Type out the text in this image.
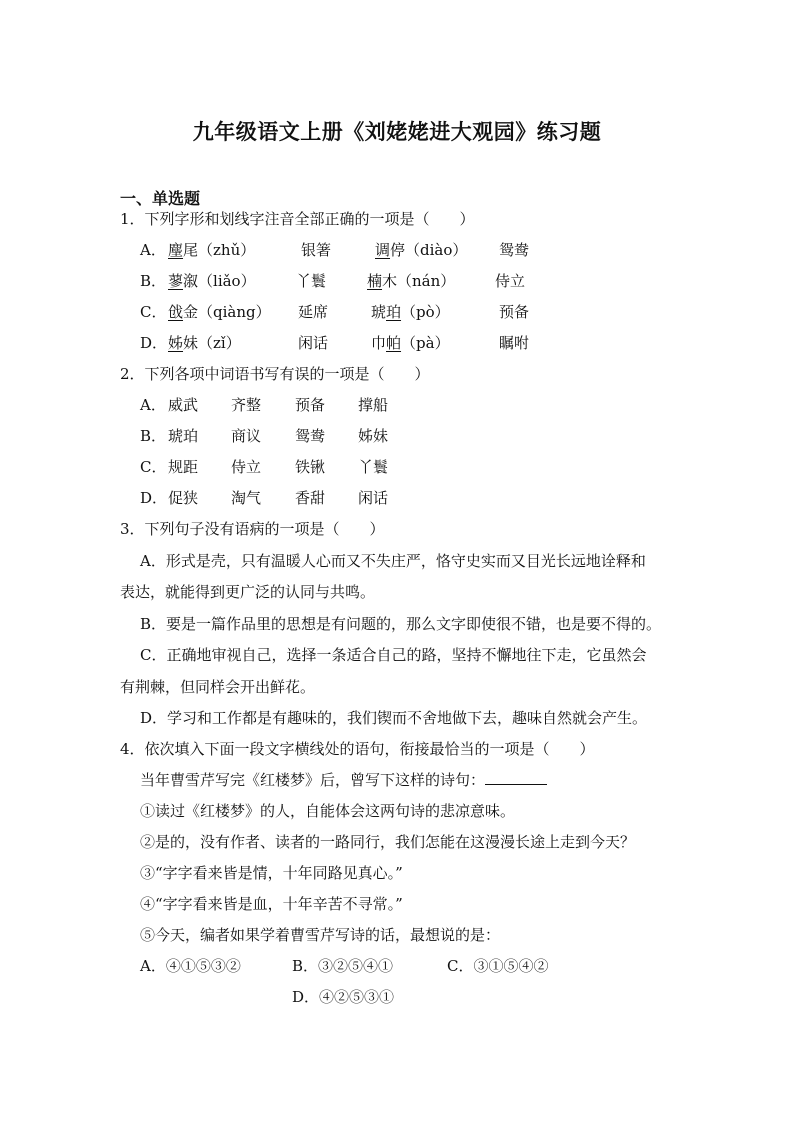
九年级语文上册《刘姥姥进大观园》练习题
一、单选题
1．下列字形和划线字注音全部正确的一项是（　　）
A． 麈尾（zhǔ）	银箸	调停（diào） 鸳鸯
B． 蓼溆（liǎo）	丫鬟	楠木（nán）	侍立
C． 戗金（qiàng） 延席	琥珀（pò）	预备
D． 姊妹（zǐ）	闲话	巾帕（pà）	瞩咐
2．下列各项中词语书写有误的一项是（　　）
A． 威武 齐整 预备 撑船
B． 琥珀 商议 鸳鸯 姊妹
C． 规距 侍立 铁锹 丫鬟
D． 促狭 淘气 香甜 闲话
3．下列句子没有语病的一项是（　　）
A．形式是壳，只有温暖人心而又不失庄严，恪守史实而又目光长远地诠释和
表达，就能得到更广泛的认同与共鸣。
B．要是一篇作品里的思想是有问题的，那么文字即使很不错，也是要不得的。
C．正确地审视自己，选择一条适合自己的路，坚持不懈地往下走，它虽然会
有荆棘，但同样会开出鲜花。
D．学习和工作都是有趣味的，我们锲而不舍地做下去，趣味自然就会产生。
4．依次填入下面一段文字横线处的语句，衔接最恰当的一项是（　　）
当年曹雪芹写完《红楼梦》后，曾写下这样的诗句：
①读过《红楼梦》的人，自能体会这两句诗的悲凉意味。
②是的，没有作者、读者的一路同行，我们怎能在这漫漫长途上走到今天？
③“字字看来皆是情，十年同路见真心。”
④“字字看来皆是血，十年辛苦不寻常。”
⑤今天，编者如果学着曹雪芹写诗的话，最想说的是：
A．④①⑤③②	B．③②⑤④①	C．③①⑤④②
D．④②⑤③①
